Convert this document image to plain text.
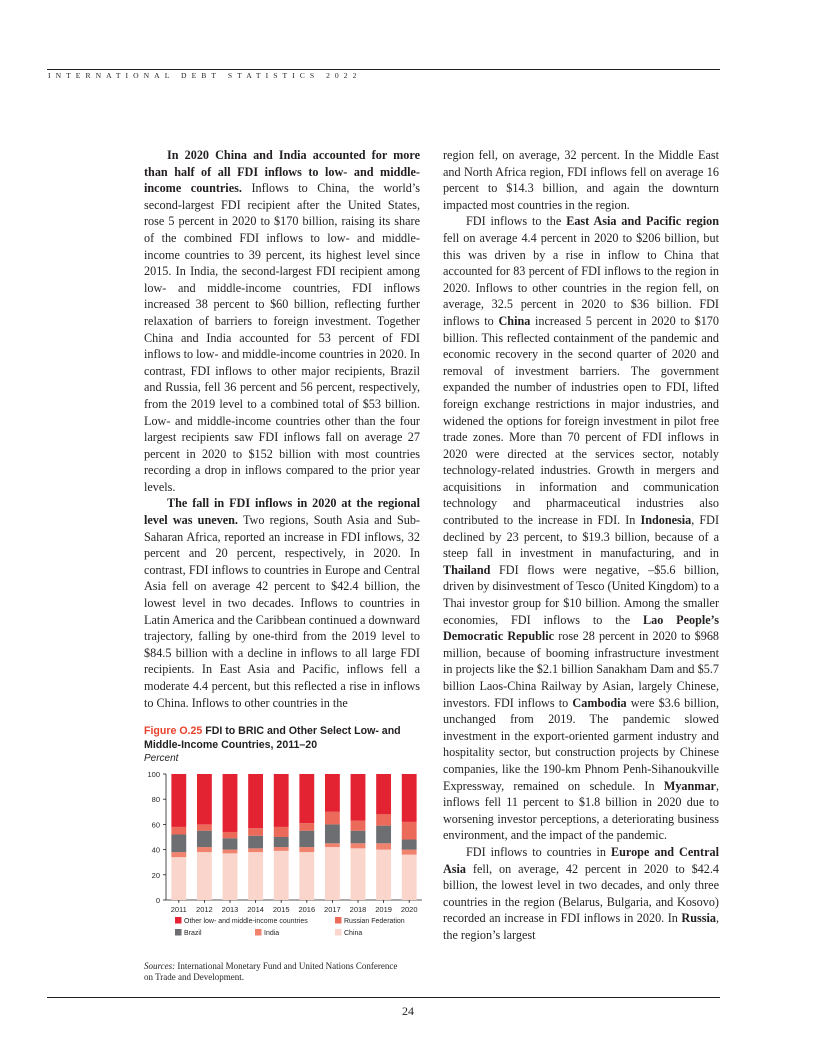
INTERNATIONAL DEBT STATISTICS 2022

In 2020 China and India accounted for more than half of all FDI inflows to low- and middle-income countries. Inflows to China, the world’s second-largest FDI recipient after the United States, rose 5 percent in 2020 to $170 billion, raising its share of the combined FDI inflows to low- and middle-income countries to 39 percent, its highest level since 2015. In India, the second-largest FDI recipient among low- and middle-income countries, FDI inflows increased 38 percent to $60 billion, reflecting further relaxation of barriers to foreign investment. Together China and India accounted for 53 percent of FDI inflows to low- and middle-income countries in 2020. In contrast, FDI inflows to other major recipients, Brazil and Russia, fell 36 percent and 56 percent, respectively, from the 2019 level to a combined total of $53 billion. Low- and middle-income countries other than the four largest recipients saw FDI inflows fall on average 27 percent in 2020 to $152 billion with most countries recording a drop in inflows compared to the prior year levels.

The fall in FDI inflows in 2020 at the regional level was uneven. Two regions, South Asia and Sub-Saharan Africa, reported an increase in FDI inflows, 32 percent and 20 percent, respectively, in 2020. In contrast, FDI inflows to countries in Europe and Central Asia fell on average 42 percent to $42.4 billion, the lowest level in two decades. Inflows to countries in Latin America and the Caribbean continued a downward trajectory, falling by one-third from the 2019 level to $84.5 billion with a decline in inflows to all large FDI recipients. In East Asia and Pacific, inflows fell a moderate 4.4 percent, but this reflected a rise in inflows to China. Inflows to other countries in the

region fell, on average, 32 percent. In the Middle East and North Africa region, FDI inflows fell on average 16 percent to $14.3 billion, and again the downturn impacted most countries in the region.

FDI inflows to the East Asia and Pacific region fell on average 4.4 percent in 2020 to $206 billion, but this was driven by a rise in inflow to China that accounted for 83 percent of FDI inflows to the region in 2020. Inflows to other countries in the region fell, on average, 32.5 percent in 2020 to $36 billion. FDI inflows to China increased 5 percent in 2020 to $170 billion. This reflected containment of the pandemic and economic recovery in the second quarter of 2020 and removal of investment barriers. The government expanded the number of industries open to FDI, lifted foreign exchange restrictions in major industries, and widened the options for foreign investment in pilot free trade zones. More than 70 percent of FDI inflows in 2020 were directed at the services sector, notably technology-related industries. Growth in mergers and acquisitions in information and communication technology and pharmaceutical industries also contributed to the increase in FDI. In Indonesia, FDI declined by 23 percent, to $19.3 billion, because of a steep fall in investment in manufacturing, and in Thailand FDI flows were negative, –$5.6 billion, driven by disinvestment of Tesco (United Kingdom) to a Thai investor group for $10 billion. Among the smaller economies, FDI inflows to the Lao People’s Democratic Republic rose 28 percent in 2020 to $968 million, because of booming infrastructure investment in projects like the $2.1 billion Sanakham Dam and $5.7 billion Laos-China Railway by Asian, largely Chinese, investors. FDI inflows to Cambodia were $3.6 billion, unchanged from 2019. The pandemic slowed investment in the export-oriented garment industry and hospitality sector, but construction projects by Chinese companies, like the 190-km Phnom Penh-Sihanoukville Expressway, remained on schedule. In Myanmar, inflows fell 11 percent to $1.8 billion in 2020 due to worsening investor perceptions, a deteriorating business environment, and the impact of the pandemic.

FDI inflows to countries in Europe and Central Asia fell, on average, 42 percent in 2020 to $42.4 billion, the lowest level in two decades, and only three countries in the region (Belarus, Bulgaria, and Kosovo) recorded an increase in FDI inflows in 2020. In Russia, the region’s largest

Figure O.25 FDI to BRIC and Other Select Low- and Middle-Income Countries, 2011–20
Percent
0
20
40
60
80
100
2011 2012 2013 2014 2015 2016 2017 2018 2019 2020
Other low- and middle-income countries	Russian Federation
Brazil	India	China
Sources: International Monetary Fund and United Nations Conference on Trade and Development.
24
